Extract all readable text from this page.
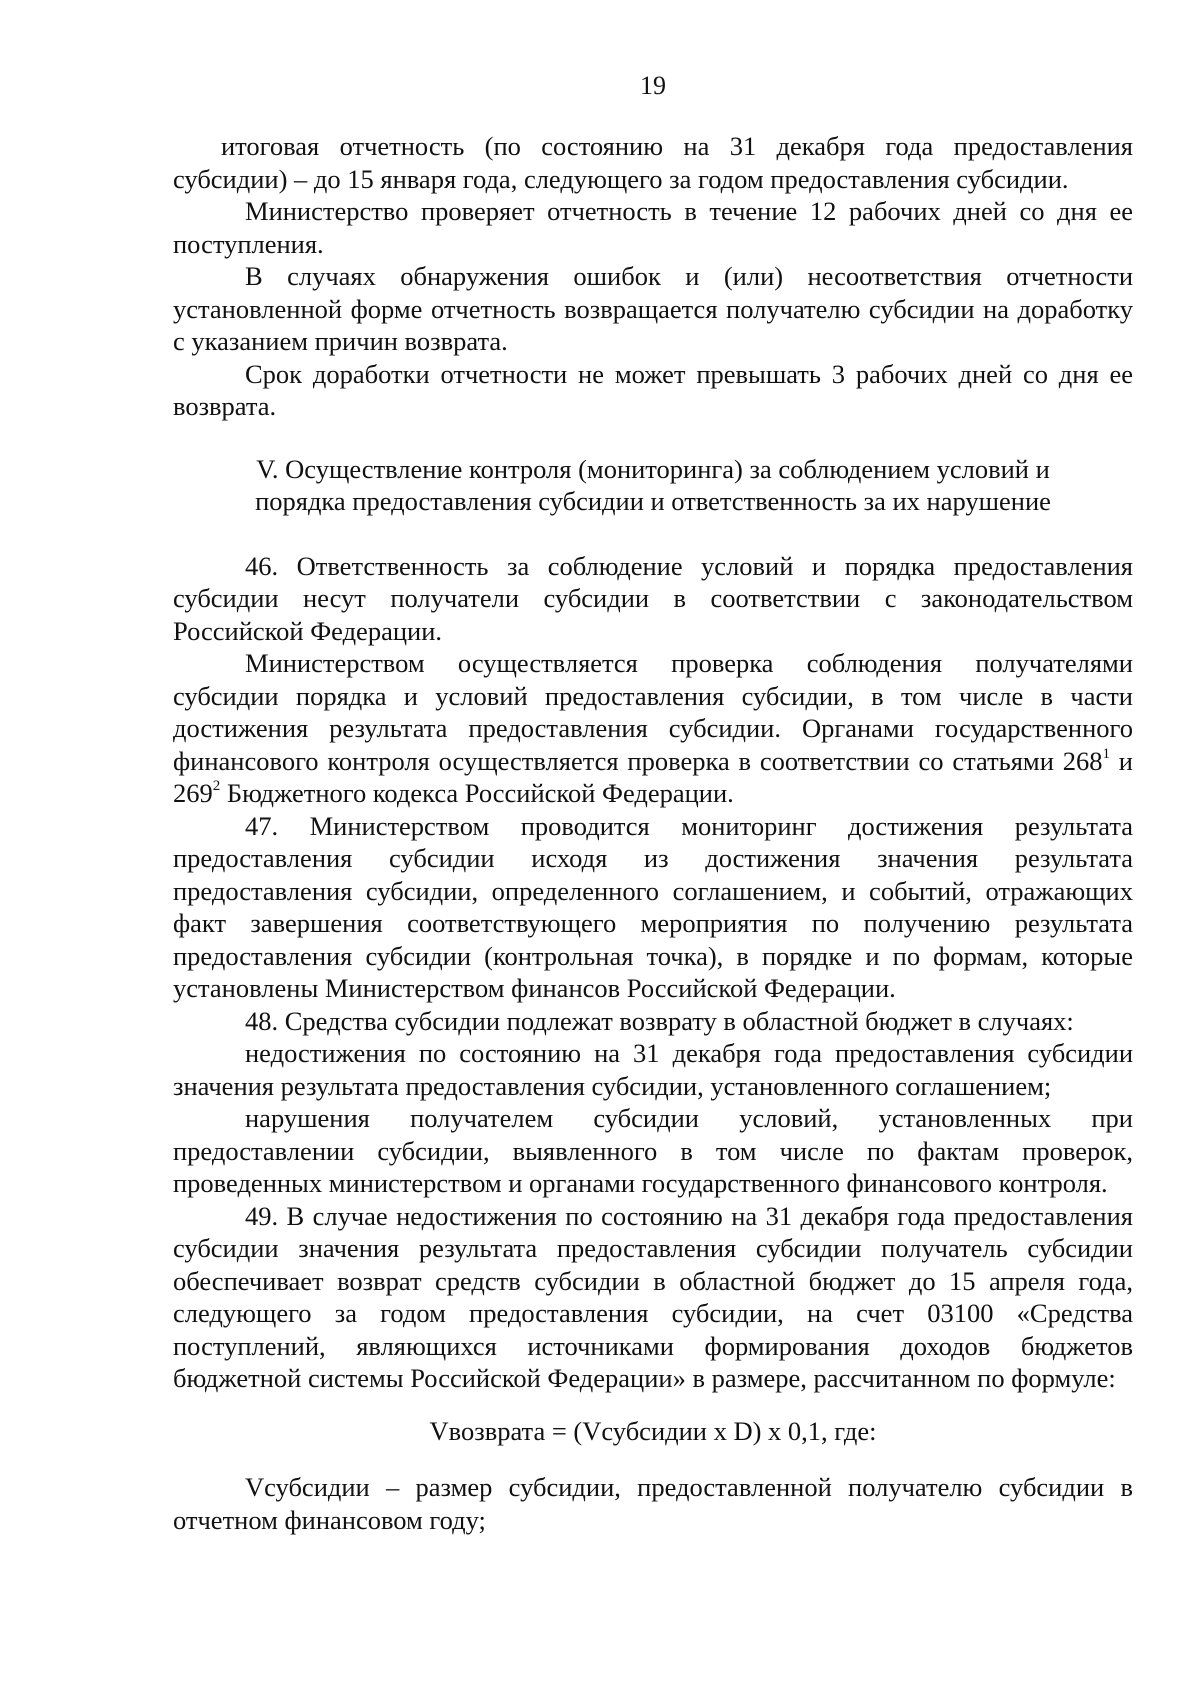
19

итоговая отчетность (по состоянию на 31 декабря года предоставления субсидии) – до 15 января года, следующего за годом предоставления субсидии.

Министерство проверяет отчетность в течение 12 рабочих дней со дня ее поступления.

В случаях обнаружения ошибок и (или) несоответствия отчетности установленной форме отчетность возвращается получателю субсидии на доработку с указанием причин возврата.

Срок доработки отчетности не может превышать 3 рабочих дней со дня ее возврата.

V. Осуществление контроля (мониторинга) за соблюдением условий и
порядка предоставления субсидии и ответственность за их нарушение

46. Ответственность за соблюдение условий и порядка предоставления субсидии несут получатели субсидии в соответствии с законодательством Российской Федерации.

Министерством осуществляется проверка соблюдения получателями субсидии порядка и условий предоставления субсидии, в том числе в части достижения результата предоставления субсидии. Органами государственного финансового контроля осуществляется проверка в соответствии со статьями $268^1$ и $269^2$ Бюджетного кодекса Российской Федерации.

47. Министерством проводится мониторинг достижения результата предоставления субсидии исходя из достижения значения результата предоставления субсидии, определенного соглашением, и событий, отражающих факт завершения соответствующего мероприятия по получению результата предоставления субсидии (контрольная точка), в порядке и по формам, которые установлены Министерством финансов Российской Федерации.

48. Средства субсидии подлежат возврату в областной бюджет в случаях:

недостижения по состоянию на 31 декабря года предоставления субсидии значения результата предоставления субсидии, установленного соглашением;

нарушения получателем субсидии условий, установленных при предоставлении субсидии, выявленного в том числе по фактам проверок, проведенных министерством и органами государственного финансового контроля.

49. В случае недостижения по состоянию на 31 декабря года предоставления субсидии значения результата предоставления субсидии получатель субсидии обеспечивает возврат средств субсидии в областной бюджет до 15 апреля года, следующего за годом предоставления субсидии, на счет 03100 «Средства поступлений, являющихся источниками формирования доходов бюджетов бюджетной системы Российской Федерации» в размере, рассчитанном по формуле:

Vвозврата = (Vсубсидии x D) x 0,1, где:

Vсубсидии – размер субсидии, предоставленной получателю субсидии в отчетном финансовом году;
